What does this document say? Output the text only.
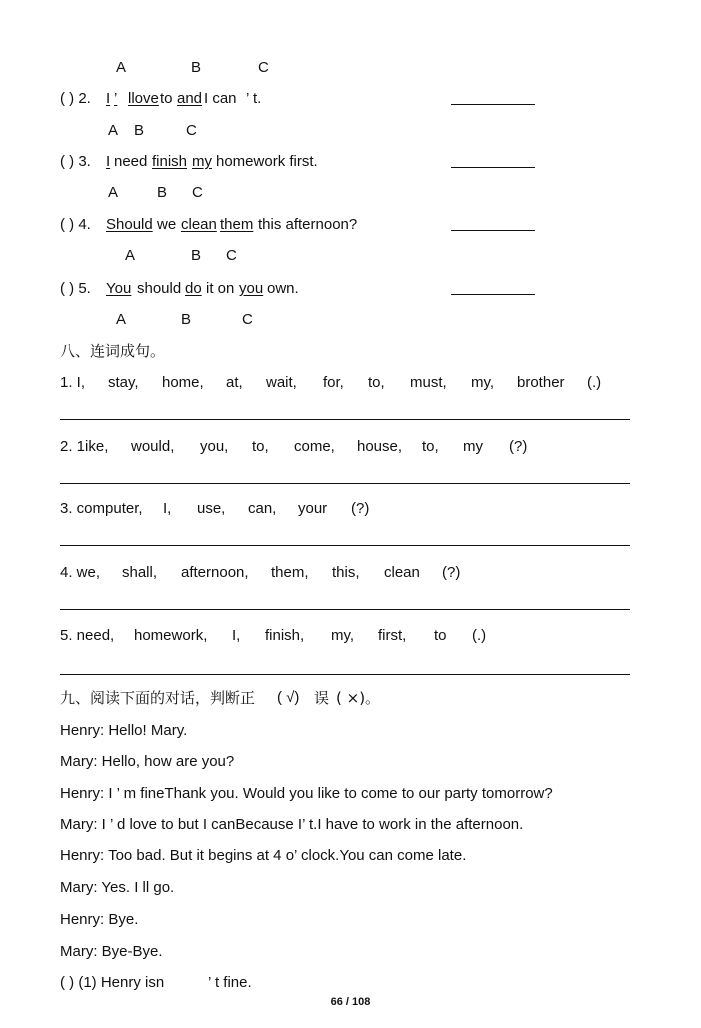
A	B	C
( ) 2. I ’ llove to and I can ’ t.
A B	C
( ) 3. I need finish my homework first.
A	B C
( ) 4. Should we clean them this afternoon?
A	B C
( ) 5. You should do it on you own.
A	B	C
八、连词成句。
1. I, stay, home, at, wait, for, to, must, my, brother (.)
2. 1ike, would, you, to, come, house, to, my (?)
3. computer, I, use, can, your (?)
4. we, shall, afternoon, them, this, clean (?)
5. need, homework, I, finish, my, first, to (.)
九、阅读下面的对话，判断正 ( √) 误 ( ×)。
Henry: Hello! Mary.
Mary: Hello, how are you?
Henry: I ’ m fineThank you. Would you like to come to our party tomorrow?
Mary: I ’ d love to but I canBecause I’ t.I have to work in the afternoon.
Henry: Too bad. But it begins at 4 o’ clock.You can come late.
Mary: Yes. I ll go.
Henry: Bye.
Mary: Bye-Bye.
( ) (1) Henry isn	’ t fine.
66 / 108
